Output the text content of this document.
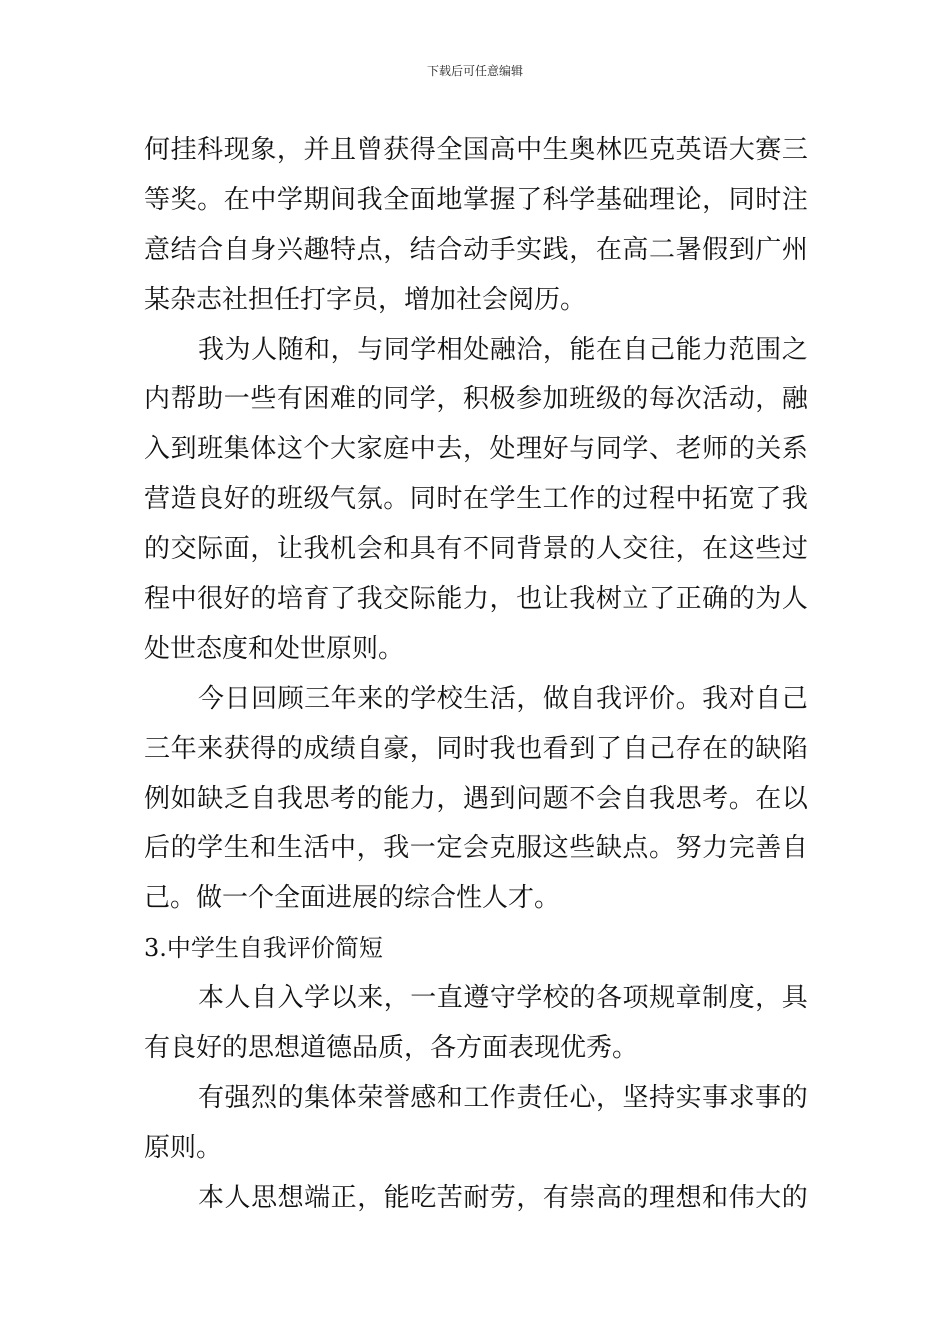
下载后可任意编辑
何 挂 科 现 象 ， 并 且 曾 获 得 全 国 高 中 生 奥 林 匹 克 英 语 大 赛 三
等 奖 。 在 中 学 期 间 我 全 面 地 掌 握 了 科 学 基 础 理 论 ， 同 时 注
意 结 合 自 身 兴 趣 特 点 ， 结 合 动 手 实 践 ， 在 高 二 暑 假 到 广 州
某杂志社担任打字员，增加社会阅历。
我 为 人 随 和 ， 与 同 学 相 处 融 洽 ， 能 在 自 己 能 力 范 围 之
内 帮 助 一 些 有 困 难 的 同 学 ， 积 极 参 加 班 级 的 每 次 活 动 ， 融
入 到 班 集 体 这 个 大 家 庭 中 去 ， 处 理 好 与 同 学 、 老 师 的 关 系
营 造 良 好 的 班 级 气 氛 。 同 时 在 学 生 工 作 的 过 程 中 拓 宽 了 我
的 交 际 面 ， 让 我 机 会 和 具 有 不 同 背 景 的 人 交 往 ， 在 这 些 过
程 中 很 好 的 培 育 了 我 交 际 能 力 ， 也 让 我 树 立 了 正 确 的 为 人
处世态度和处世原则。
今 日 回 顾 三 年 来 的 学 校 生 活 ， 做 自 我 评 价 。 我 对 自 己
三 年 来 获 得 的 成 绩 自 豪 ， 同 时 我 也 看 到 了 自 己 存 在 的 缺 陷
例 如 缺 乏 自 我 思 考 的 能 力 ， 遇 到 问 题 不 会 自 我 思 考 。 在 以
后 的 学 生 和 生 活 中 ， 我 一 定 会 克 服 这 些 缺 点 。 努 力 完 善 自
己。做一个全面进展的综合性人才。
3.中学生自我评价简短
本 人 自 入 学 以 来 ， 一 直 遵 守 学 校 的 各 项 规 章 制 度 ， 具
有良好的思想道德品质，各方面表现优秀。
有 强 烈 的 集 体 荣 誉 感 和 工 作 责 任 心 ， 坚 持 实 事 求 事 的
原则。
本 人 思 想 端 正 ， 能 吃 苦 耐 劳 ， 有 崇 高 的 理 想 和 伟 大 的
